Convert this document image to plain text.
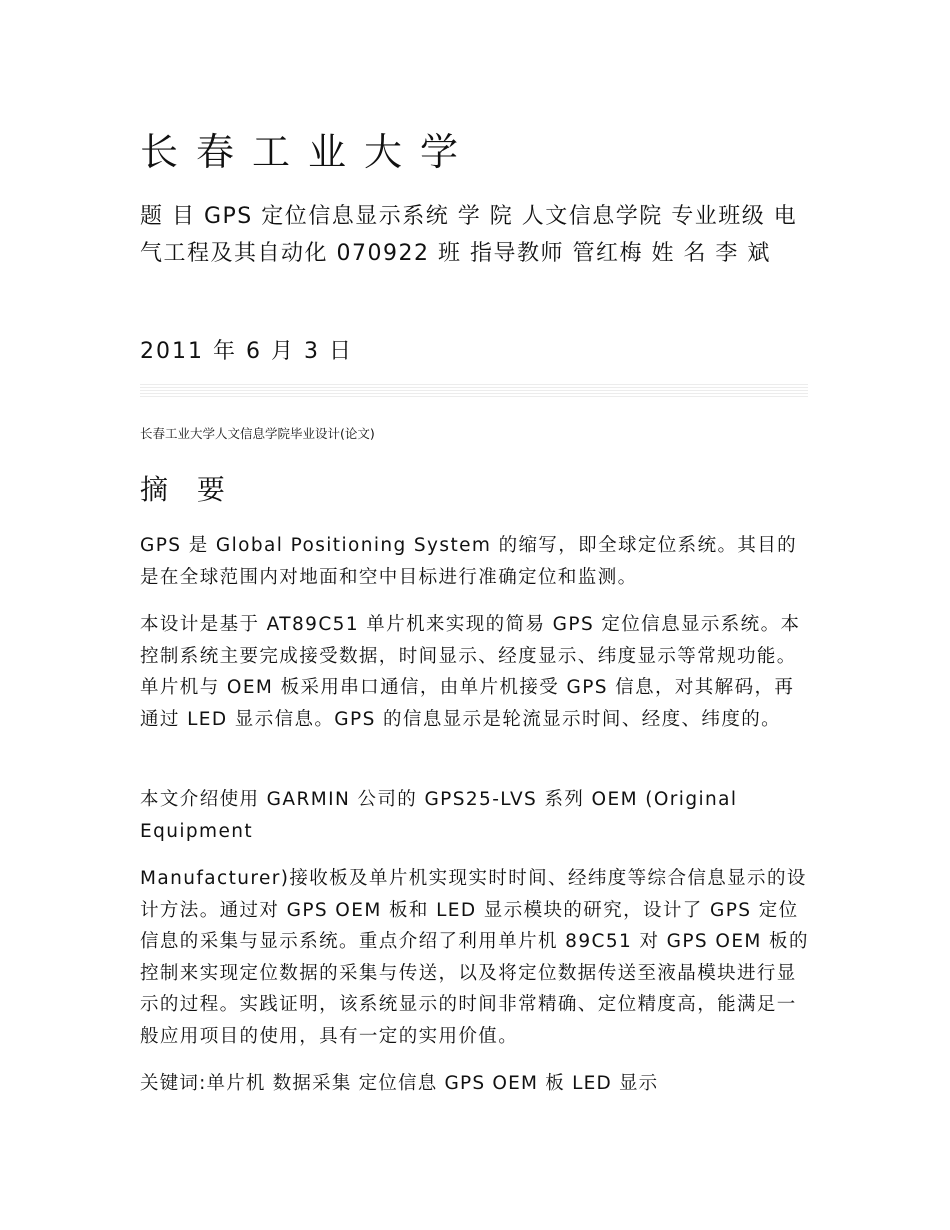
长春工业大学
题 目 GPS 定位信息显示系统 学 院 人文信息学院 专业班级 电气工程及其自动化 070922 班 指导教师 管红梅 姓 名 李 斌
2011 年 6 月 3 日
长春工业大学人文信息学院毕业设计(论文)
摘 要
GPS 是 Global Positioning System 的缩写，即全球定位系统。其目的是在全球范围内对地面和空中目标进行准确定位和监测。
本设计是基于 AT89C51 单片机来实现的简易 GPS 定位信息显示系统。本控制系统主要完成接受数据，时间显示、经度显示、纬度显示等常规功能。单片机与 OEM 板采用串口通信，由单片机接受 GPS 信息，对其解码，再通过 LED 显示信息。GPS 的信息显示是轮流显示时间、经度、纬度的。
本文介绍使用 GARMIN 公司的 GPS25-LVS 系列 OEM (Original Equipment
Manufacturer)接收板及单片机实现实时时间、经纬度等综合信息显示的设计方法。通过对 GPS OEM 板和 LED 显示模块的研究，设计了 GPS 定位信息的采集与显示系统。重点介绍了利用单片机 89C51 对 GPS OEM 板的控制来实现定位数据的采集与传送，以及将定位数据传送至液晶模块进行显示的过程。实践证明，该系统显示的时间非常精确、定位精度高，能满足一般应用项目的使用，具有一定的实用价值。
关键词:单片机 数据采集 定位信息 GPS OEM 板 LED 显示
